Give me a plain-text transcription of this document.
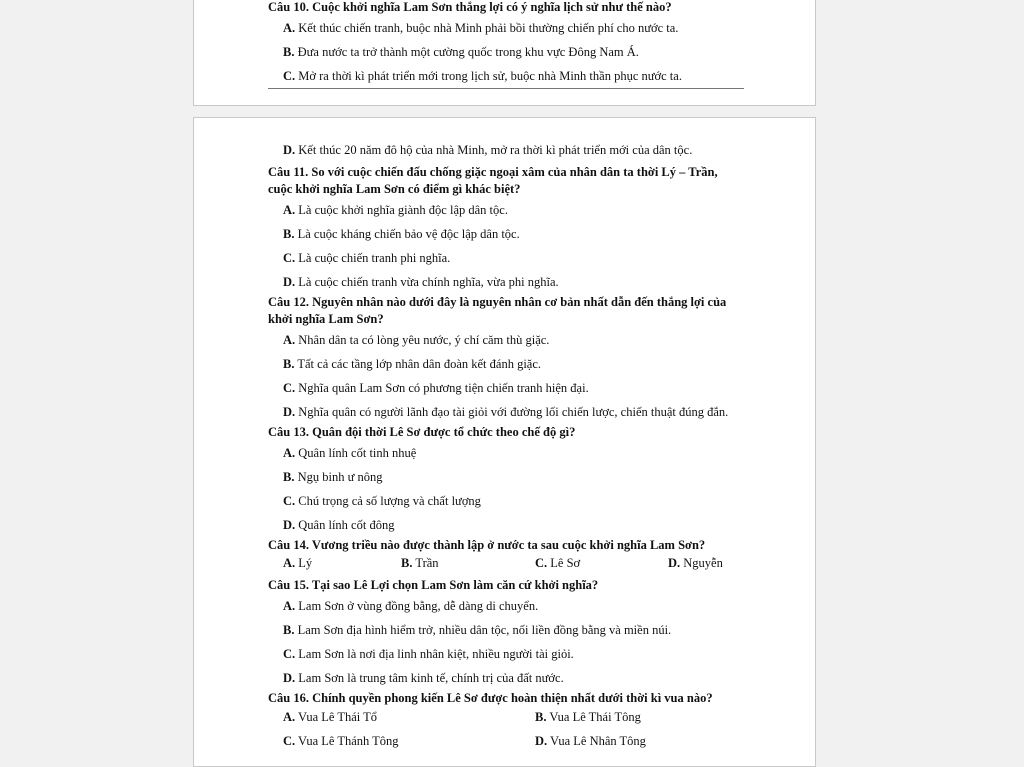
Câu 10. Cuộc khởi nghĩa Lam Sơn thắng lợi có ý nghĩa lịch sử như thế nào?

A. Kết thúc chiến tranh, buộc nhà Minh phải bồi thường chiến phí cho nước ta.

B. Đưa nước ta trở thành một cường quốc trong khu vực Đông Nam Á.

C. Mở ra thời kì phát triển mới trong lịch sử, buộc nhà Minh thần phục nước ta.

D. Kết thúc 20 năm đô hộ của nhà Minh, mở ra thời kì phát triển mới của dân tộc.

Câu 11. So với cuộc chiến đấu chống giặc ngoại xâm của nhân dân ta thời Lý – Trần, cuộc khởi nghĩa Lam Sơn có điểm gì khác biệt?

A. Là cuộc khởi nghĩa giành độc lập dân tộc.

B. Là cuộc kháng chiến bảo vệ độc lập dân tộc.

C. Là cuộc chiến tranh phi nghĩa.

D. Là cuộc chiến tranh vừa chính nghĩa, vừa phi nghĩa.

Câu 12. Nguyên nhân nào dưới đây là nguyên nhân cơ bản nhất dẫn đến thắng lợi của khởi nghĩa Lam Sơn?

A. Nhân dân ta có lòng yêu nước, ý chí căm thù giặc.

B. Tất cả các tầng lớp nhân dân đoàn kết đánh giặc.

C. Nghĩa quân Lam Sơn có phương tiện chiến tranh hiện đại.

D. Nghĩa quân có người lãnh đạo tài giỏi với đường lối chiến lược, chiến thuật đúng đắn.

Câu 13. Quân đội thời Lê Sơ được tổ chức theo chế độ gì?

A. Quân lính cốt tinh nhuệ

B. Ngụ binh ư nông

C. Chú trọng cả số lượng và chất lượng

D. Quân lính cốt đông

Câu 14. Vương triều nào được thành lập ở nước ta sau cuộc khởi nghĩa Lam Sơn?

A. Lý	B. Trần	C. Lê Sơ	D. Nguyễn

Câu 15. Tại sao Lê Lợi chọn Lam Sơn làm căn cứ khởi nghĩa?

A. Lam Sơn ở vùng đồng bằng, dễ dàng di chuyển.

B. Lam Sơn địa hình hiểm trở, nhiều dân tộc, nối liền đồng bằng và miền núi.

C. Lam Sơn là nơi địa linh nhân kiệt, nhiều người tài giỏi.

D. Lam Sơn là trung tâm kinh tế, chính trị của đất nước.

Câu 16. Chính quyền phong kiến Lê Sơ được hoàn thiện nhất dưới thời kì vua nào?

A. Vua Lê Thái Tổ	B. Vua Lê Thái Tông
C. Vua Lê Thánh Tông	D. Vua Lê Nhân Tông
